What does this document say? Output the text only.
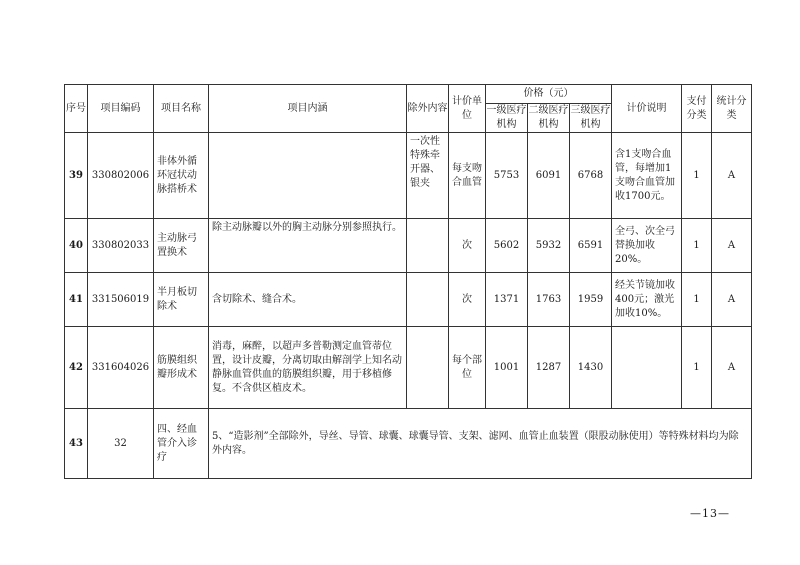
序号	项目编码	项目名称	项目内涵	除外内容	计价单位	价格（元）			计价说明	支付分类	统计分类
						一级医疗机构	二级医疗机构	三级医疗机构			
39	330802006	非体外循环冠状动脉搭桥术		一次性特殊牵开器、银夹	每支吻合血管	5753	6091	6768	含1支吻合血管，每增加1支吻合血管加收1700元。	1	A
40	330802033	主动脉弓置换术	除主动脉瓣以外的胸主动脉分别参照执行。		次	5602	5932	6591	全弓、次全弓替换加收20%。	1	A
41	331506019	半月板切除术	含切除术、缝合术。		次	1371	1763	1959	经关节镜加收400元；激光加收10%。	1	A
42	331604026	筋膜组织瓣形成术	消毒，麻醉，以超声多普勒测定血管蒂位置，设计皮瓣，分离切取由解剖学上知名动静脉血管供血的筋膜组织瓣，用于移植修复。不含供区植皮术。		每个部位	1001	1287	1430		1	A
43	32	四、经血管介入诊疗	5、“造影剂”全部除外，导丝、导管、球囊、球囊导管、支架、滤网、血管止血装置（限股动脉使用）等特殊材料均为除外内容。								
—13—
